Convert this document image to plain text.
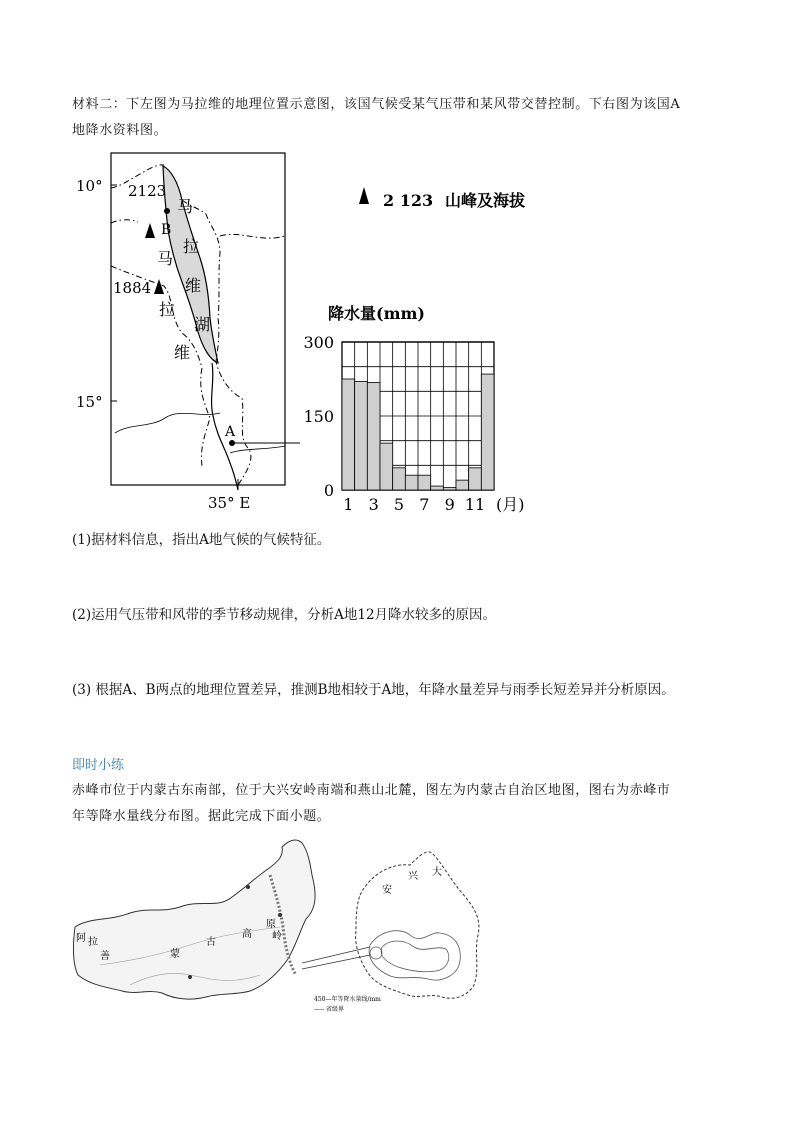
材料二：下左图为马拉维的地理位置示意图，该国气候受某气压带和某风带交替控制。下右图为该国A
地降水资料图。
10°
15°
35° E
2123
1884
B
A
马
拉
维
马
拉
维
湖
2 123 山峰及海拔
降水量(mm)
300
150
0
1 3 5 7 9 11 (月)
(1)据材料信息，指出A地气候的气候特征。
(2)运用气压带和风带的季节移动规律，分析A地12月降水较多的原因。
(3) 根据A、B两点的地理位置差异，推测B地相较于A地，年降水量差异与雨季长短差异并分析原因。
即时小练
赤峰市位于内蒙古东南部，位于大兴安岭南端和燕山北麓，图左为内蒙古自治区地图，图右为赤峰市
年等降水量线分布图。据此完成下面小题。
阿 拉
善	蒙
古
高
原
岭
安
兴 大
450—年等降水量线/mm
----- 省级界
